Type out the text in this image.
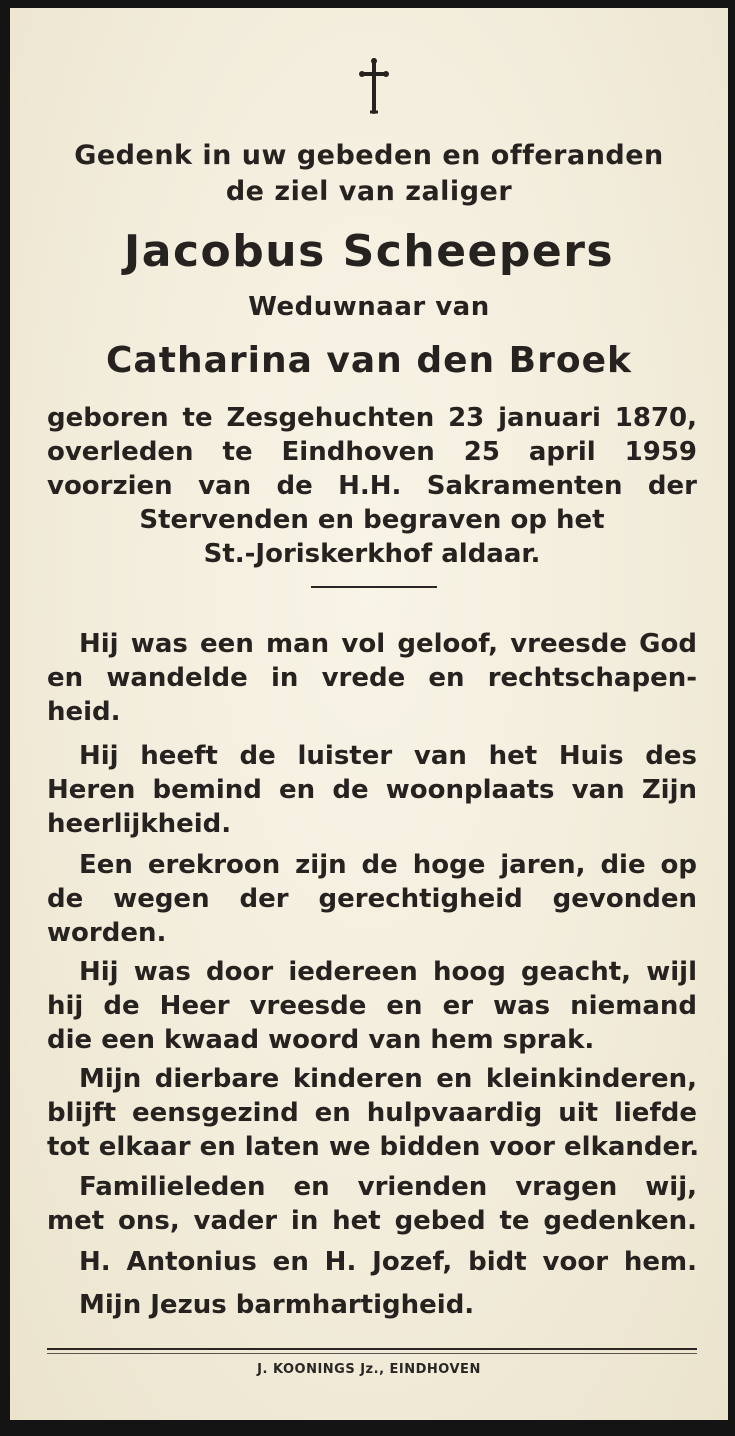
Gedenk in uw gebeden en offeranden
de ziel van zaliger
Jacobus Scheepers
Weduwnaar van
Catharina van den Broek
geboren te Zesgehuchten 23 januari 1870,
overleden te Eindhoven 25 april 1959
voorzien van de H.H. Sakramenten der
Stervenden en begraven op het
St.-Joriskerkhof aldaar.
Hij was een man vol geloof, vreesde God
en wandelde in vrede en rechtschapen-
heid.
Hij heeft de luister van het Huis des
Heren bemind en de woonplaats van Zijn
heerlijkheid.
Een erekroon zijn de hoge jaren, die op
de wegen der gerechtigheid gevonden
worden.
Hij was door iedereen hoog geacht, wijl
hij de Heer vreesde en er was niemand
die een kwaad woord van hem sprak.
Mijn dierbare kinderen en kleinkinderen,
blijft eensgezind en hulpvaardig uit liefde
tot elkaar en laten we bidden voor elkander.
Familieleden en vrienden vragen wij,
met ons, vader in het gebed te gedenken.
H. Antonius en H. Jozef, bidt voor hem.
Mijn Jezus barmhartigheid.
J. KOONINGS Jz., EINDHOVEN
